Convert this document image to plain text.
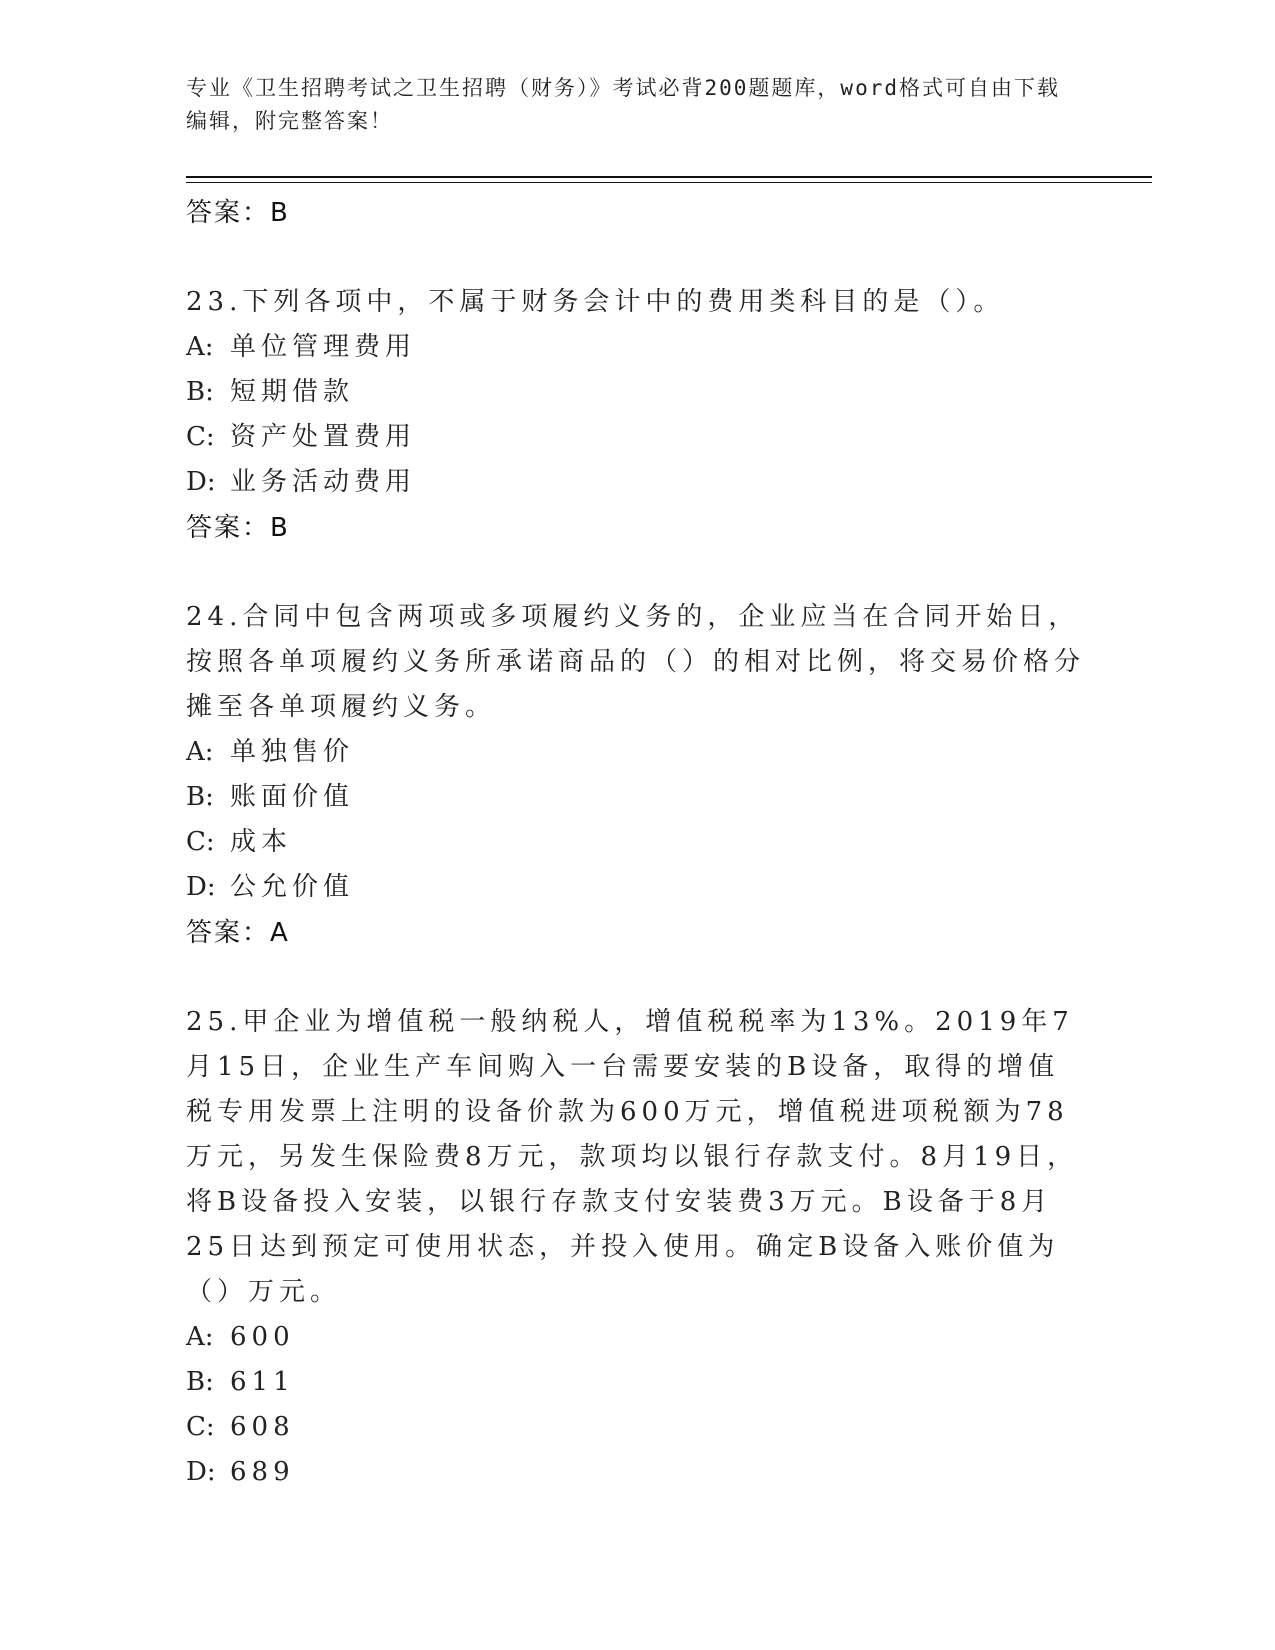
专业《卫生招聘考试之卫生招聘（财务）》考试必背200题题库，word格式可自由下载编辑，附完整答案！
答案：B
23.下列各项中，不属于财务会计中的费用类科目的是（）。
A: 单位管理费用
B: 短期借款
C: 资产处置费用
D: 业务活动费用
答案：B
24.合同中包含两项或多项履约义务的，企业应当在合同开始日，按照各单项履约义务所承诺商品的（）的相对比例，将交易价格分摊至各单项履约义务。
A: 单独售价
B: 账面价值
C: 成本
D: 公允价值
答案：A
25.甲企业为增值税一般纳税人，增值税税率为13%。2019年7月15日，企业生产车间购入一台需要安装的B设备，取得的增值税专用发票上注明的设备价款为600万元，增值税进项税额为78万元，另发生保险费8万元，款项均以银行存款支付。8月19日，将B设备投入安装，以银行存款支付安装费3万元。B设备于8月25日达到预定可使用状态，并投入使用。确定B设备入账价值为（）万元。
A: 600
B: 611
C: 608
D: 689
